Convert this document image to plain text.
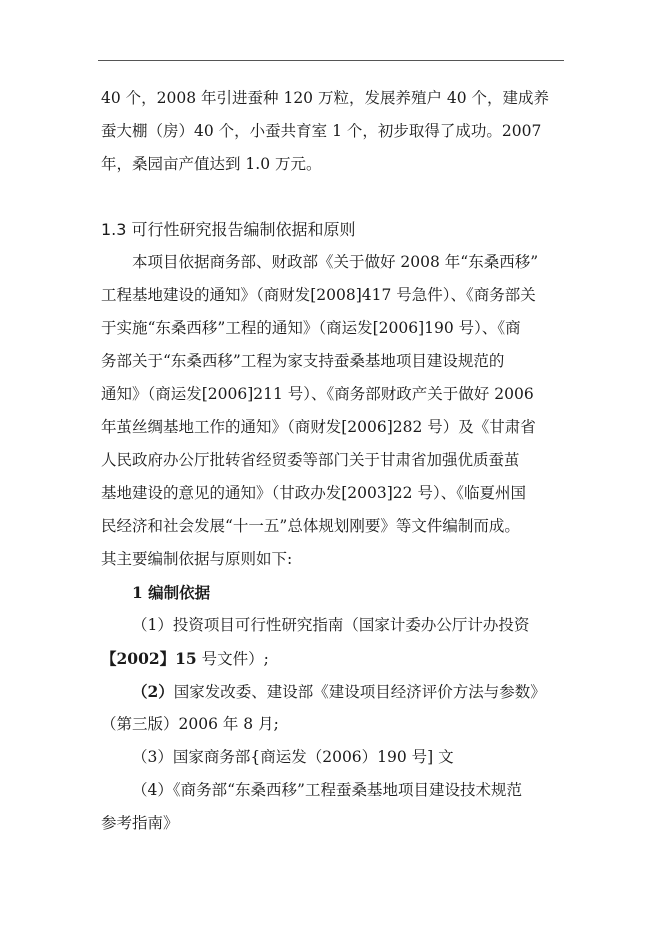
40 个，2008 年引进蚕种 120 万粒，发展养殖户 40 个，建成养
蚕大棚（房）40 个，小蚕共育室 1 个，初步取得了成功。2007
年，桑园亩产值达到 1.0 万元。
1.3 可行性研究报告编制依据和原则
本项目依据商务部、财政部《关于做好 2008 年“东桑西移”
工程基地建设的通知》（商财发[2008]417 号急件）、《商务部关
于实施“东桑西移”工程的通知》（商运发[2006]190 号）、《商
务部关于“东桑西移”工程为家支持蚕桑基地项目建设规范的
通知》（商运发[2006]211 号）、《商务部财政产关于做好 2006
年茧丝绸基地工作的通知》（商财发[2006]282 号）及《甘肃省
人民政府办公厅批转省经贸委等部门关于甘肃省加强优质蚕茧
基地建设的意见的通知》（甘政办发[2003]22 号）、《临夏州国
民经济和社会发展“十一五”总体规划刚要》等文件编制而成。
其主要编制依据与原则如下:
1 编制依据
（1）投资项目可行性研究指南（国家计委办公厅计办投资
【2002】15 号文件）;
（2）国家发改委、建设部《建设项目经济评价方法与参数》
（第三版）2006 年 8 月;
（3）国家商务部{商运发（2006）190 号] 文
（4）《商务部“东桑西移”工程蚕桑基地项目建设技术规范
参考指南》
